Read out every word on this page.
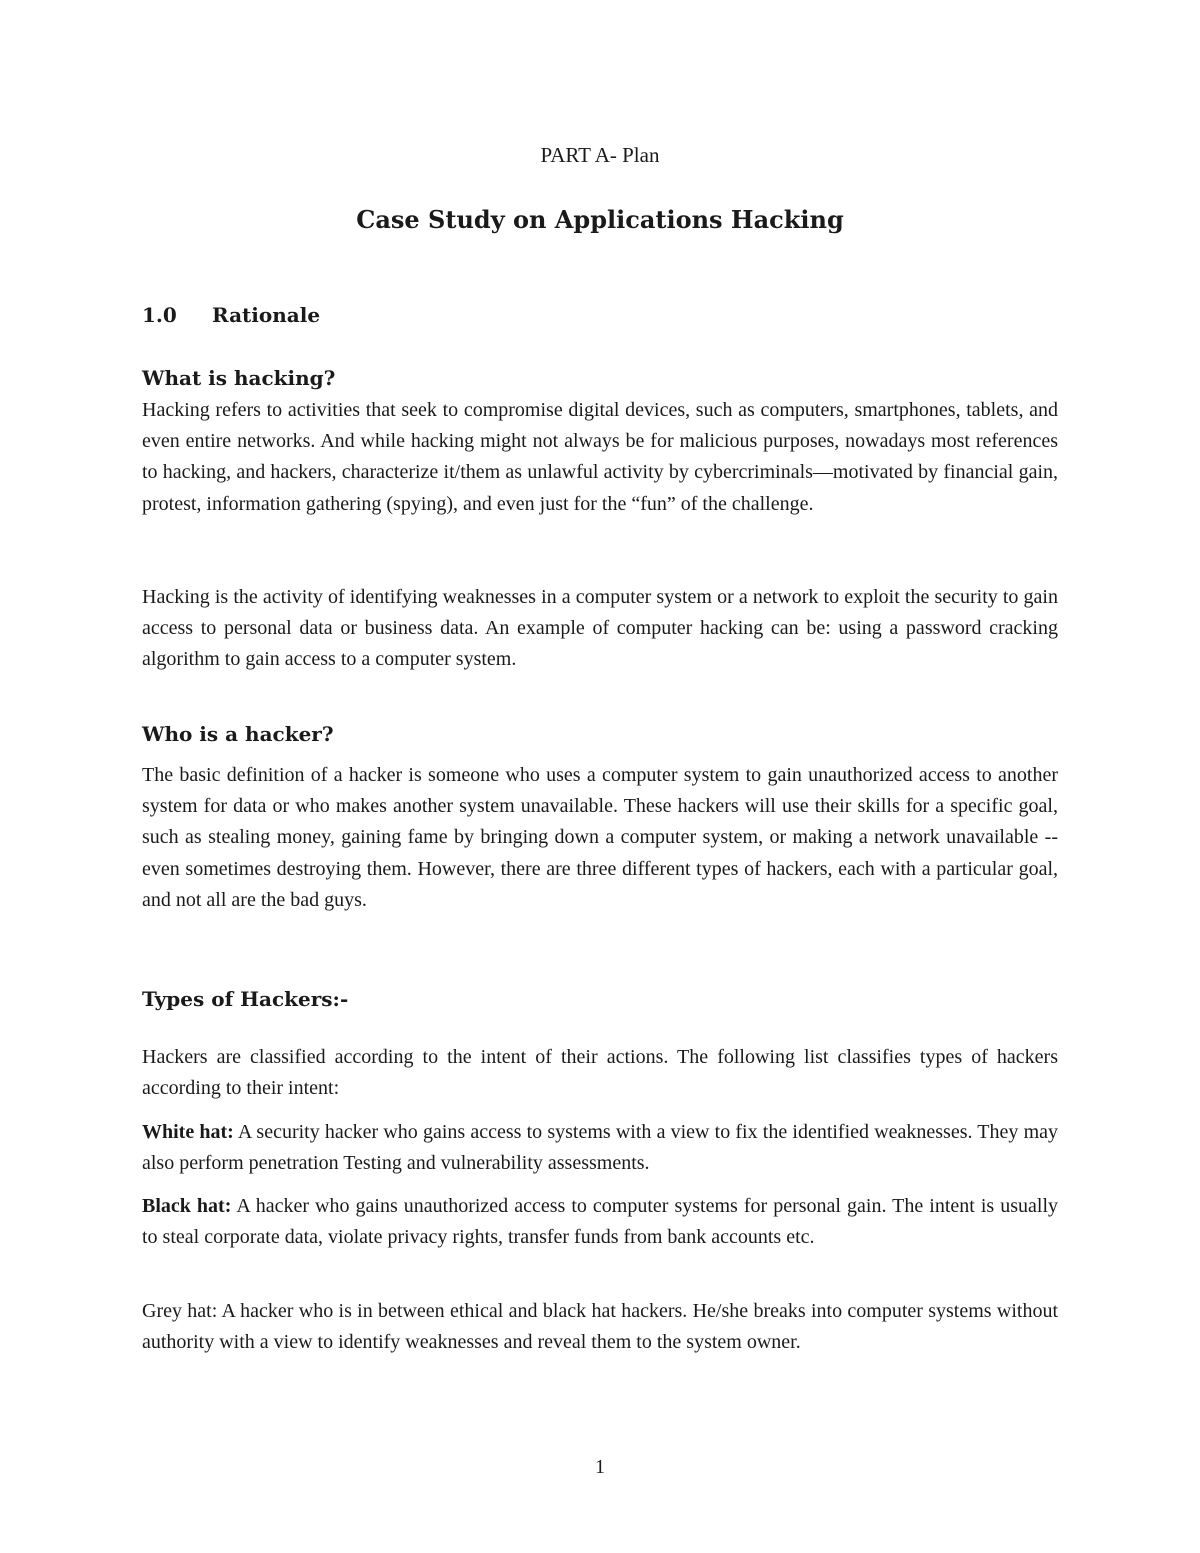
PART A- Plan

Case Study on Applications Hacking

1.0 Rationale

What is hacking?

Hacking refers to activities that seek to compromise digital devices, such as computers, smartphones, tablets, and even entire networks. And while hacking might not always be for malicious purposes, nowadays most references to hacking, and hackers, characterize it/them as unlawful activity by cybercriminals—motivated by financial gain, protest, information gathering (spying), and even just for the “fun” of the challenge.

Hacking is the activity of identifying weaknesses in a computer system or a network to exploit the security to gain access to personal data or business data. An example of computer hacking can be: using a password cracking algorithm to gain access to a computer system.

Who is a hacker?

The basic definition of a hacker is someone who uses a computer system to gain unauthorized access to another system for data or who makes another system unavailable. These hackers will use their skills for a specific goal, such as stealing money, gaining fame by bringing down a computer system, or making a network unavailable -- even sometimes destroying them. However, there are three different types of hackers, each with a particular goal, and not all are the bad guys.

Types of Hackers:-

Hackers are classified according to the intent of their actions. The following list classifies types of hackers according to their intent:

White hat: A security hacker who gains access to systems with a view to fix the identified weaknesses. They may also perform penetration Testing and vulnerability assessments.

Black hat: A hacker who gains unauthorized access to computer systems for personal gain. The intent is usually to steal corporate data, violate privacy rights, transfer funds from bank accounts etc.

Grey hat: A hacker who is in between ethical and black hat hackers. He/she breaks into computer systems without authority with a view to identify weaknesses and reveal them to the system owner.

1
